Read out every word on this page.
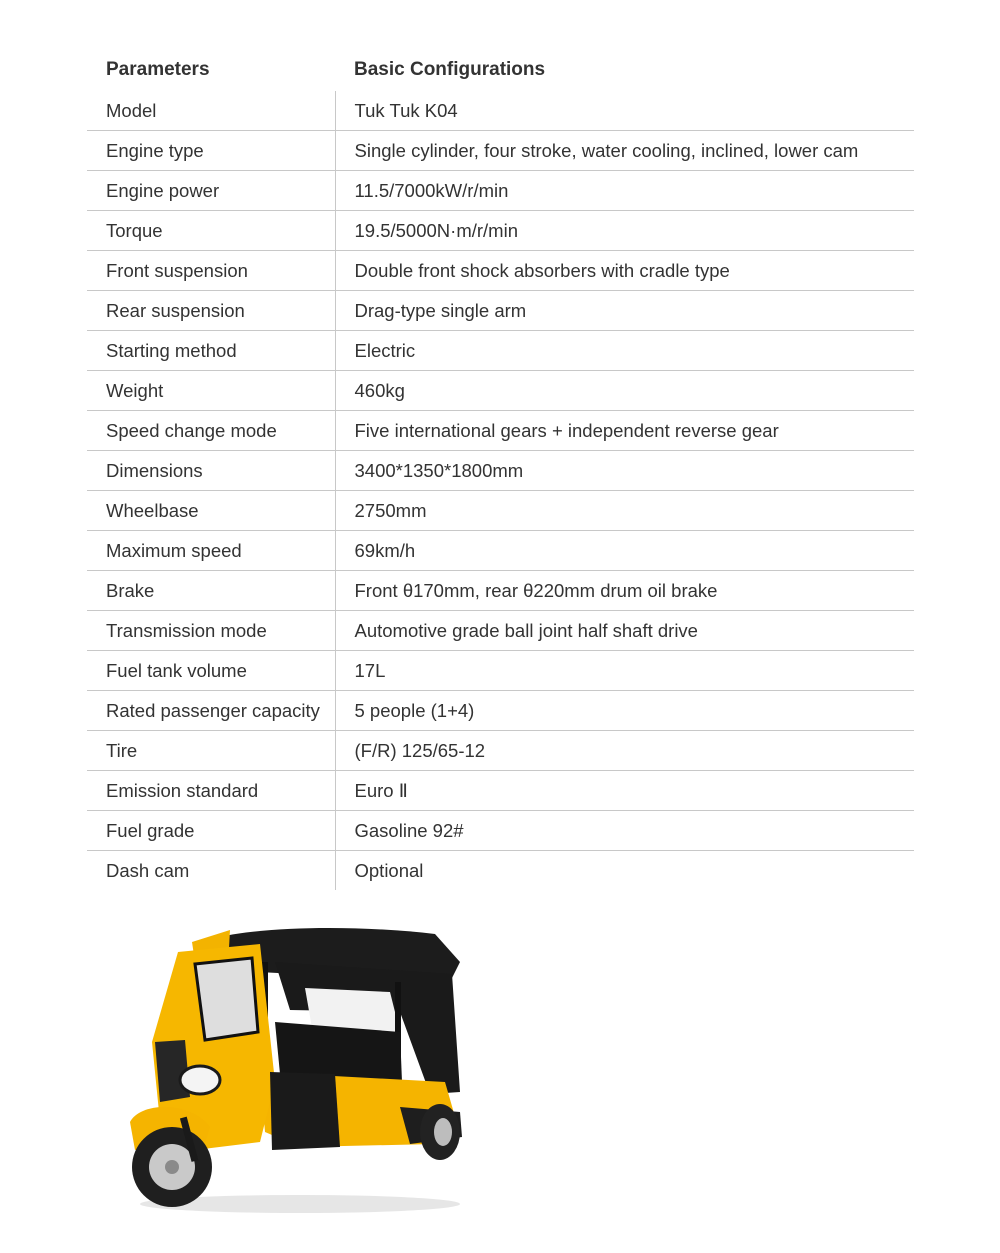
Parameters	Basic Configurations
Model	Tuk Tuk K04
Engine type	Single cylinder, four stroke, water cooling, inclined, lower cam
Engine power	11.5/7000kW/r/min
Torque	19.5/5000N·m/r/min
Front suspension	Double front shock absorbers with cradle type
Rear suspension	Drag-type single arm
Starting method	Electric
Weight	460kg
Speed change mode	Five international gears + independent reverse gear
Dimensions	3400*1350*1800mm
Wheelbase	2750mm
Maximum speed	69km/h
Brake	Front θ170mm, rear θ220mm drum oil brake
Transmission mode	Automotive grade ball joint half shaft drive
Fuel tank volume	17L
Rated passenger capacity	5 people (1+4)
Tire	(F/R) 125/65-12
Emission standard	Euro Ⅱ
Fuel grade	Gasoline 92#
Dash cam	Optional
